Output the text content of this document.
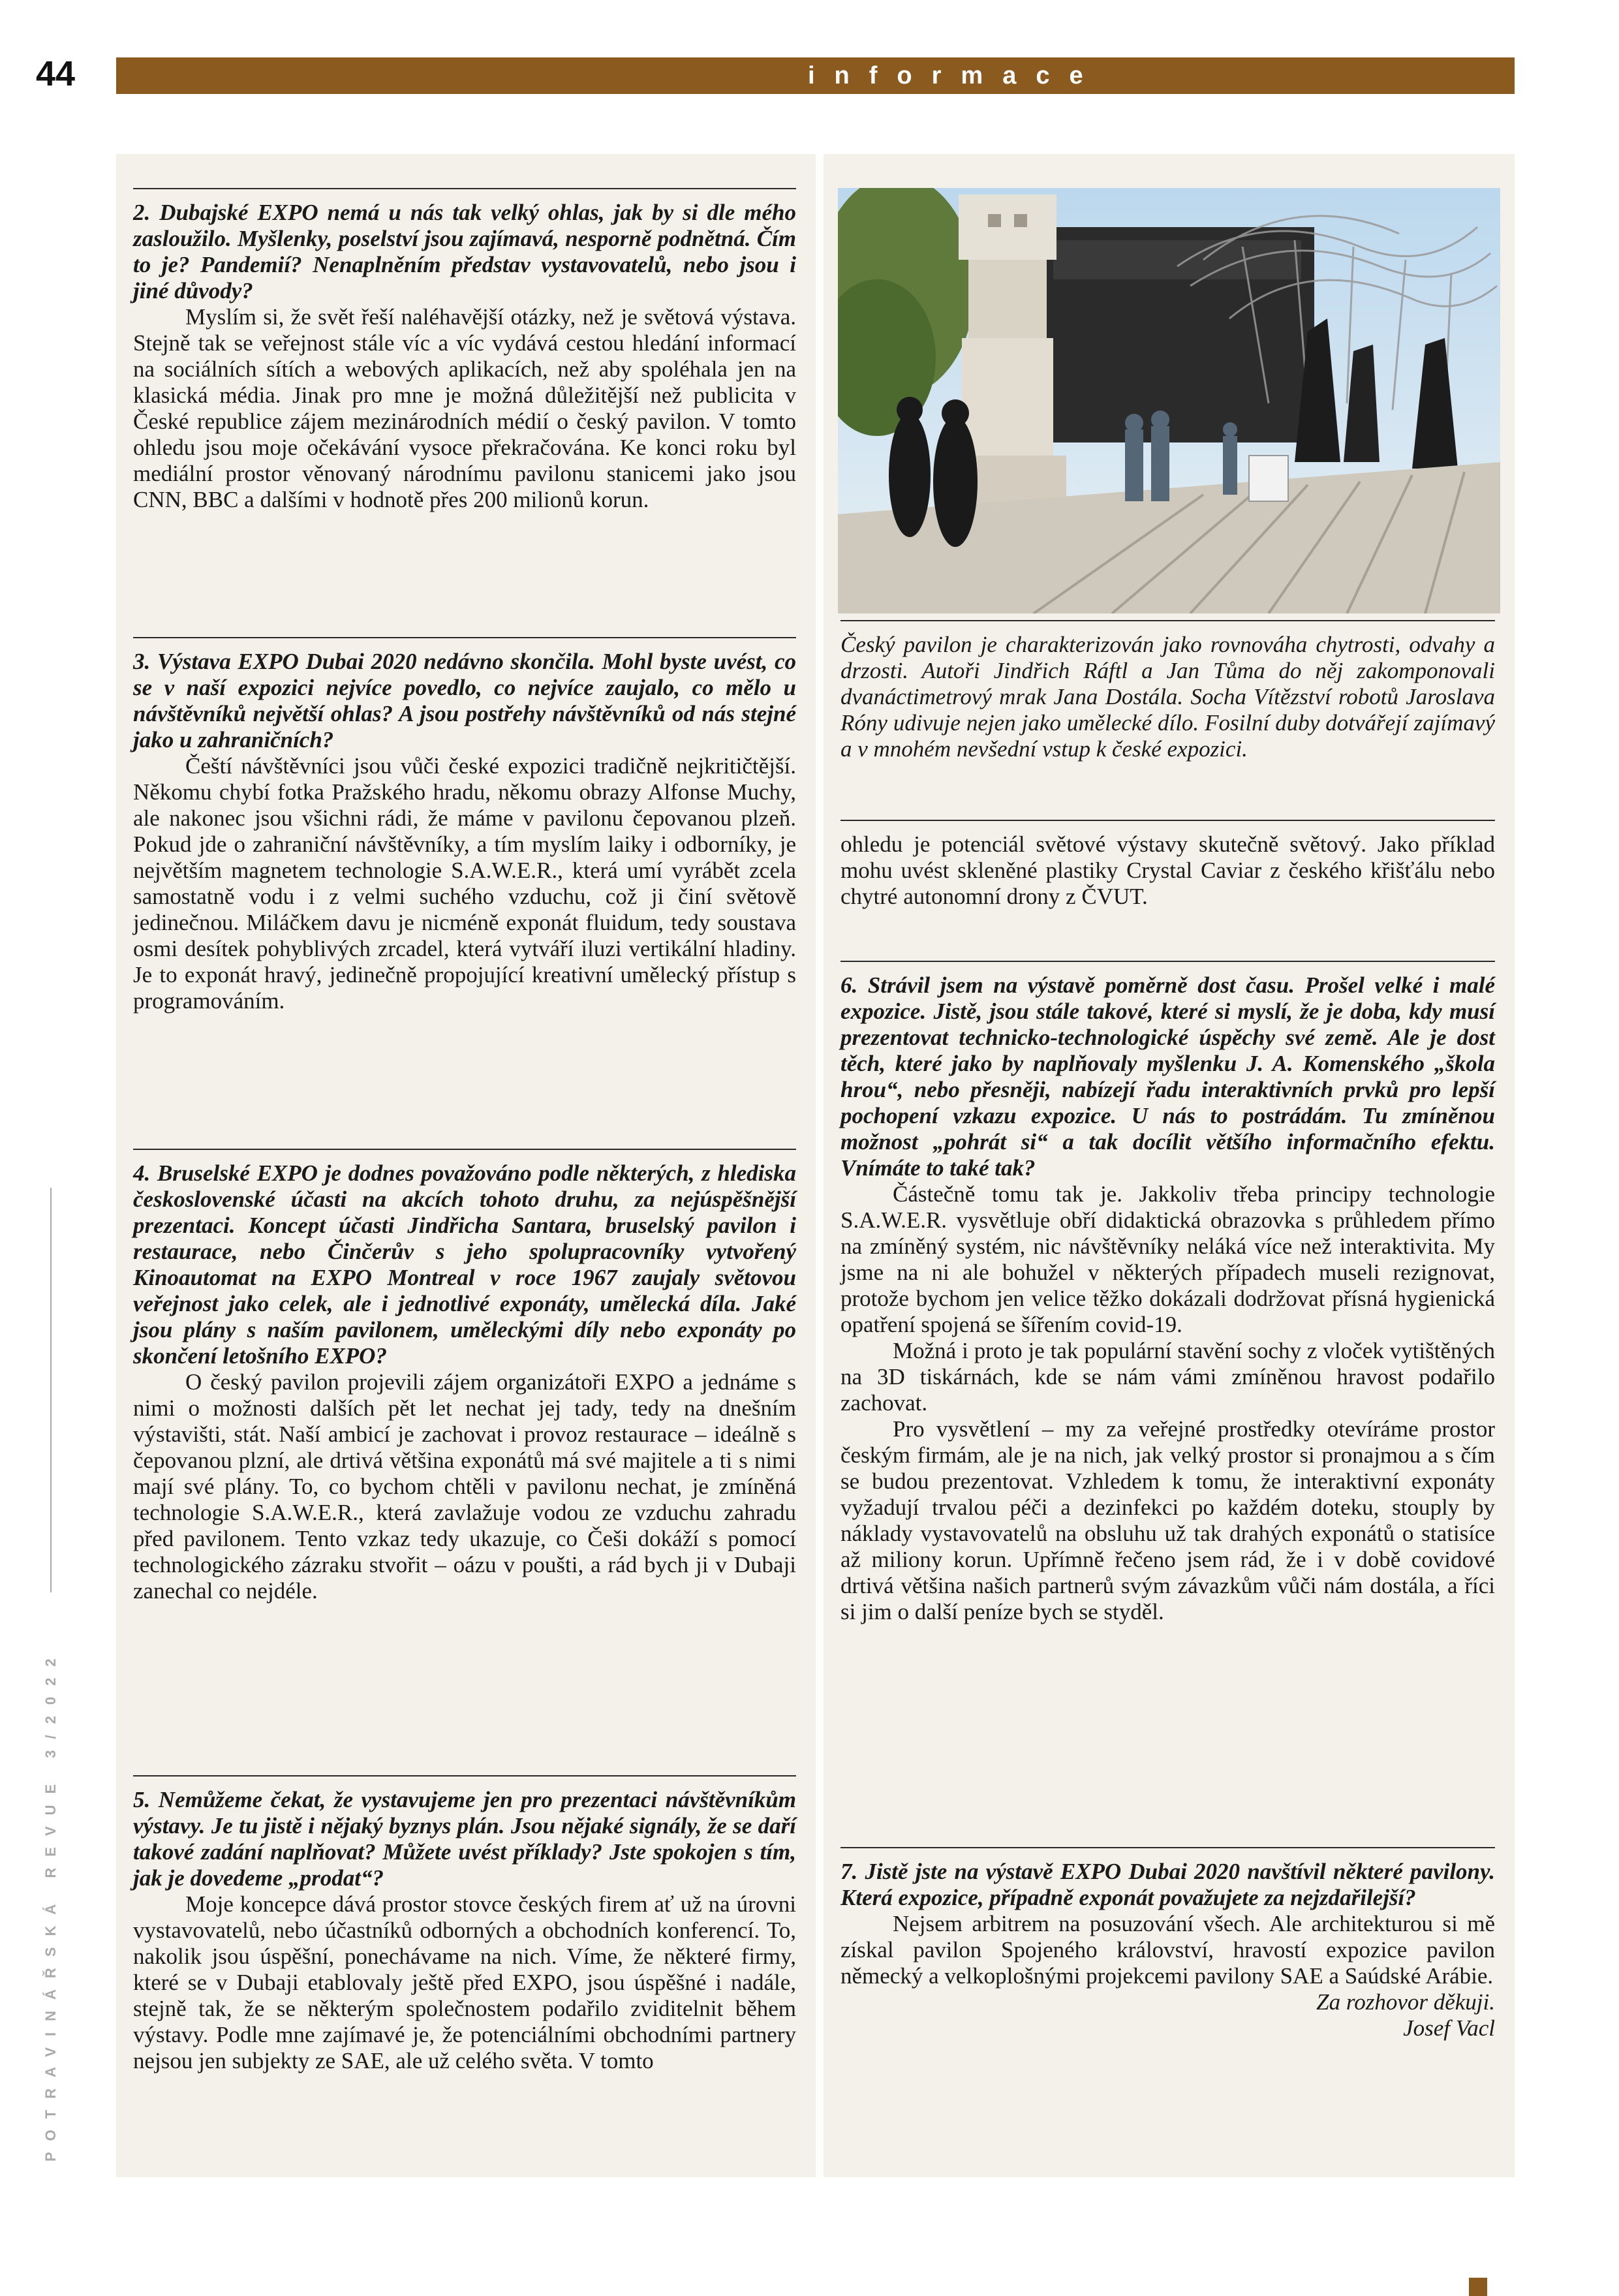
44	informace
POTRAVINÁŘSKÁ REVUE 3/2022

2. Dubajské EXPO nemá u nás tak velký ohlas, jak by si dle mého zasloužilo. Myšlenky, poselství jsou zajímavá, nesporně podnětná. Čím to je? Pandemií? Nenaplněním představ vystavovatelů, nebo jsou i jiné důvody?

Myslím si, že svět řeší naléhavější otázky, než je světová výstava. Stejně tak se veřejnost stále víc a víc vydává cestou hledání informací na sociálních sítích a webových aplikacích, než aby spoléhala jen na klasická média. Jinak pro mne je možná důležitější než publicita v České republice zájem mezinárodních médií o český pavilon. V tomto ohledu jsou moje očekávání vysoce překračována. Ke konci roku byl mediální prostor věnovaný národnímu pavilonu stanicemi jako jsou CNN, BBC a dalšími v hodnotě přes 200 milionů korun.

3. Výstava EXPO Dubai 2020 nedávno skončila. Mohl byste uvést, co se v naší expozici nejvíce povedlo, co nejvíce zaujalo, co mělo u návštěvníků největší ohlas? A jsou postřehy návštěvníků od nás stejné jako u zahraničních?

Čeští návštěvníci jsou vůči české expozici tradičně nejkritičtější. Někomu chybí fotka Pražského hradu, někomu obrazy Alfonse Muchy, ale nakonec jsou všichni rádi, že máme v pavilonu čepovanou plzeň. Pokud jde o zahraniční návštěvníky, a tím myslím laiky i odborníky, je největším magnetem technologie S.A.W.E.R., která umí vyrábět zcela samostatně vodu i z velmi suchého vzduchu, což ji činí světově jedinečnou. Miláčkem davu je nicméně exponát fluidum, tedy soustava osmi desítek pohyblivých zrcadel, která vytváří iluzi vertikální hladiny. Je to exponát hravý, jedinečně propojující kreativní umělecký přístup s programováním.

4. Bruselské EXPO je dodnes považováno podle některých, z hlediska československé účasti na akcích tohoto druhu, za nejúspěšnější prezentaci. Koncept účasti Jindřicha Santara, bruselský pavilon i restaurace, nebo Činčerův s jeho spolupracovníky vytvořený Kinoautomat na EXPO Montreal v roce 1967 zaujaly světovou veřejnost jako celek, ale i jednotlivé exponáty, umělecká díla. Jaké jsou plány s naším pavilonem, uměleckými díly nebo exponáty po skončení letošního EXPO?

O český pavilon projevili zájem organizátoři EXPO a jednáme s nimi o možnosti dalších pět let nechat jej tady, tedy na dnešním výstavišti, stát. Naší ambicí je zachovat i provoz restaurace – ideálně s čepovanou plzní, ale drtivá většina exponátů má své majitele a ti s nimi mají své plány. To, co bychom chtěli v pavilonu nechat, je zmíněná technologie S.A.W.E.R., která zavlažuje vodou ze vzduchu zahradu před pavilonem. Tento vzkaz tedy ukazuje, co Češi dokáží s pomocí technologického zázraku stvořit – oázu v poušti, a rád bych ji v Dubaji zanechal co nejdéle.

5. Nemůžeme čekat, že vystavujeme jen pro prezentaci návštěvníkům výstavy. Je tu jistě i nějaký byznys plán. Jsou nějaké signály, že se daří takové zadání naplňovat? Můžete uvést příklady? Jste spokojen s tím, jak je dovedeme „prodat“?

Moje koncepce dává prostor stovce českých firem ať už na úrovni vystavovatelů, nebo účastníků odborných a obchodních konferencí. To, nakolik jsou úspěšní, ponechávame na nich. Víme, že některé firmy, které se v Dubaji etablovaly ještě před EXPO, jsou úspěšné i nadále, stejně tak, že se některým společnostem podařilo zviditelnit během výstavy. Podle mne zajímavé je, že potenciálními obchodními partnery nejsou jen subjekty ze SAE, ale už celého světa. V tomto

Český pavilon je charakterizován jako rovnováha chytrosti, odvahy a drzosti. Autoři Jindřich Ráftl a Jan Tůma do něj zakomponovali dvanáctimetrový mrak Jana Dostála. Socha Vítězství robotů Jaroslava Róny udivuje nejen jako umělecké dílo. Fosilní duby dotvářejí zajímavý a v mnohém nevšední vstup k české expozici.

ohledu je potenciál světové výstavy skutečně světový. Jako příklad mohu uvést skleněné plastiky Crystal Caviar z českého křišťálu nebo chytré autonomní drony z ČVUT.

6. Strávil jsem na výstavě poměrně dost času. Prošel velké i malé expozice. Jistě, jsou stále takové, které si myslí, že je doba, kdy musí prezentovat technicko-technologické úspěchy své země. Ale je dost těch, které jako by naplňovaly myšlenku J. A. Komenského „škola hrou“, nebo přesněji, nabízejí řadu interaktivních prvků pro lepší pochopení vzkazu expozice. U nás to postrádám. Tu zmíněnou možnost „pohrát si“ a tak docílit většího informačního efektu. Vnímáte to také tak?

Částečně tomu tak je. Jakkoliv třeba principy technologie S.A.W.E.R. vysvětluje obří didaktická obrazovka s průhledem přímo na zmíněný systém, nic návštěvníky neláká více než interaktivita. My jsme na ni ale bohužel v některých případech museli rezignovat, protože bychom jen velice těžko dokázali dodržovat přísná hygienická opatření spojená se šířením covid-19.

Možná i proto je tak populární stavění sochy z vloček vytištěných na 3D tiskárnách, kde se nám vámi zmíněnou hravost podařilo zachovat.

Pro vysvětlení – my za veřejné prostředky otevíráme prostor českým firmám, ale je na nich, jak velký prostor si pronajmou a s čím se budou prezentovat. Vzhledem k tomu, že interaktivní exponáty vyžadují trvalou péči a dezinfekci po každém doteku, stouply by náklady vystavovatelů na obsluhu už tak drahých exponátů o statisíce až miliony korun. Upřímně řečeno jsem rád, že i v době covidové drtivá většina našich partnerů svým závazkům vůči nám dostála, a říci si jim o další peníze bych se styděl.

7. Jistě jste na výstavě EXPO Dubai 2020 navštívil některé pavilony. Která expozice, případně exponát považujete za nejzdařilejší?

Nejsem arbitrem na posuzování všech. Ale architekturou si mě získal pavilon Spojeného království, hravostí expozice pavilon německý a velkoplošnými projekcemi pavilony SAE a Saúdské Arábie.

Za rozhovor děkuji.

Josef Vacl
